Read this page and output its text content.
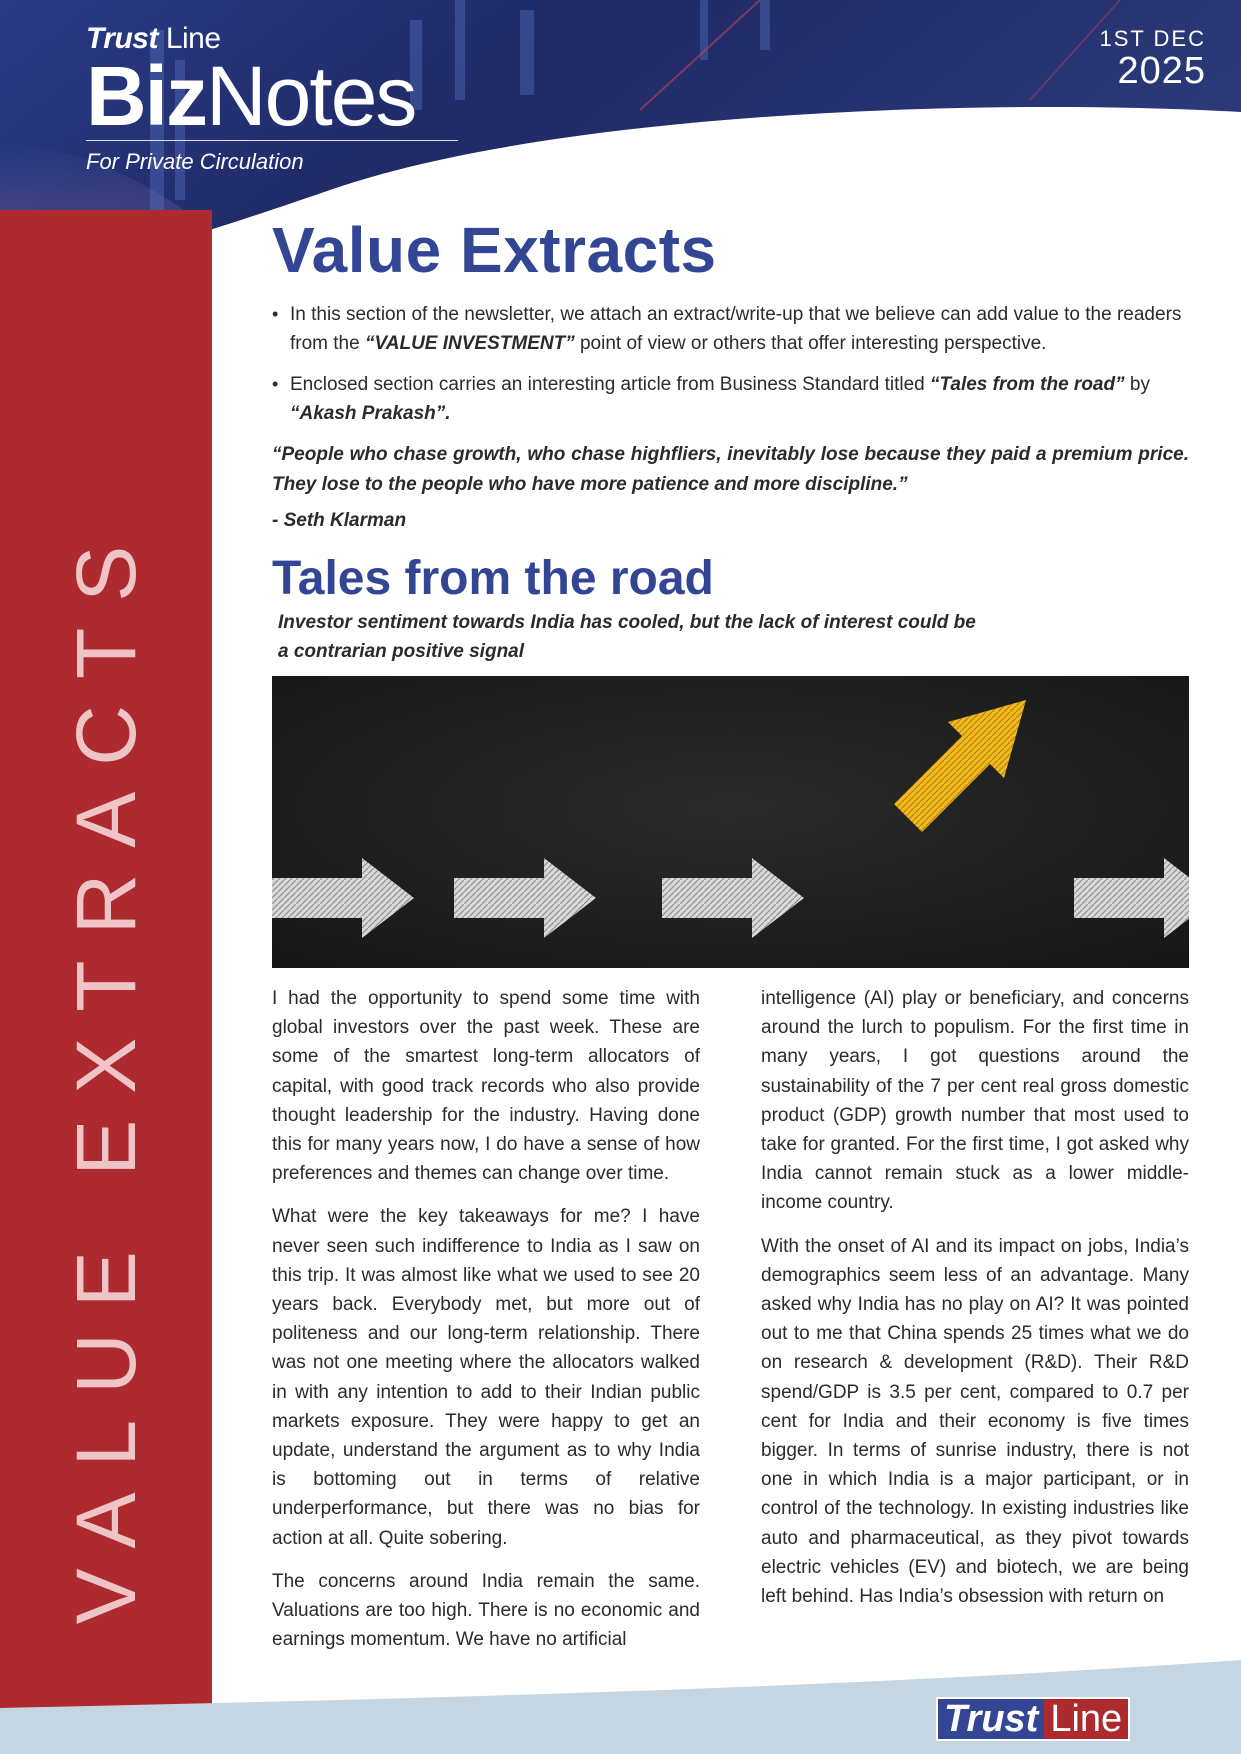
Trust Line
BizNotes
For Private Circulation
1ST DEC
2025
VALUE EXTRACTS
Value Extracts
• In this section of the newsletter, we attach an extract/write-up that we believe can add value to the readers from the “VALUE INVESTMENT” point of view or others that offer interesting perspective.
• Enclosed section carries an interesting article from Business Standard titled “Tales from the road” by “Akash Prakash”.

“People who chase growth, who chase highfliers, inevitably lose because they paid a premium price. They lose to the people who have more patience and more discipline.”

- Seth Klarman

Tales from the road

Investor sentiment towards India has cooled, but the lack of interest could be a contrarian positive signal

I had the opportunity to spend some time with global investors over the past week. These are some of the smartest long-term allocators of capital, with good track records who also provide thought leadership for the industry. Having done this for many years now, I do have a sense of how preferences and themes can change over time.

What were the key takeaways for me? I have never seen such indifference to India as I saw on this trip. It was almost like what we used to see 20 years back. Everybody met, but more out of politeness and our long-term relationship. There was not one meeting where the allocators walked in with any intention to add to their Indian public markets exposure. They were happy to get an update, understand the argument as to why India is bottoming out in terms of relative underperformance, but there was no bias for action at all. Quite sobering.

The concerns around India remain the same. Valuations are too high. There is no economic and earnings momentum. We have no artificial

intelligence (AI) play or beneficiary, and concerns around the lurch to populism. For the first time in many years, I got questions around the sustainability of the 7 per cent real gross domestic product (GDP) growth number that most used to take for granted. For the first time, I got asked why India cannot remain stuck as a lower middle-income country.

With the onset of AI and its impact on jobs, India’s demographics seem less of an advantage. Many asked why India has no play on AI? It was pointed out to me that China spends 25 times what we do on research & development (R&D). Their R&D spend/GDP is 3.5 per cent, compared to 0.7 per cent for India and their economy is five times bigger. In terms of sunrise industry, there is not one in which India is a major participant, or in control of the technology. In existing industries like auto and pharmaceutical, as they pivot towards electric vehicles (EV) and biotech, we are being left behind. Has India’s obsession with return on

Trust Line
